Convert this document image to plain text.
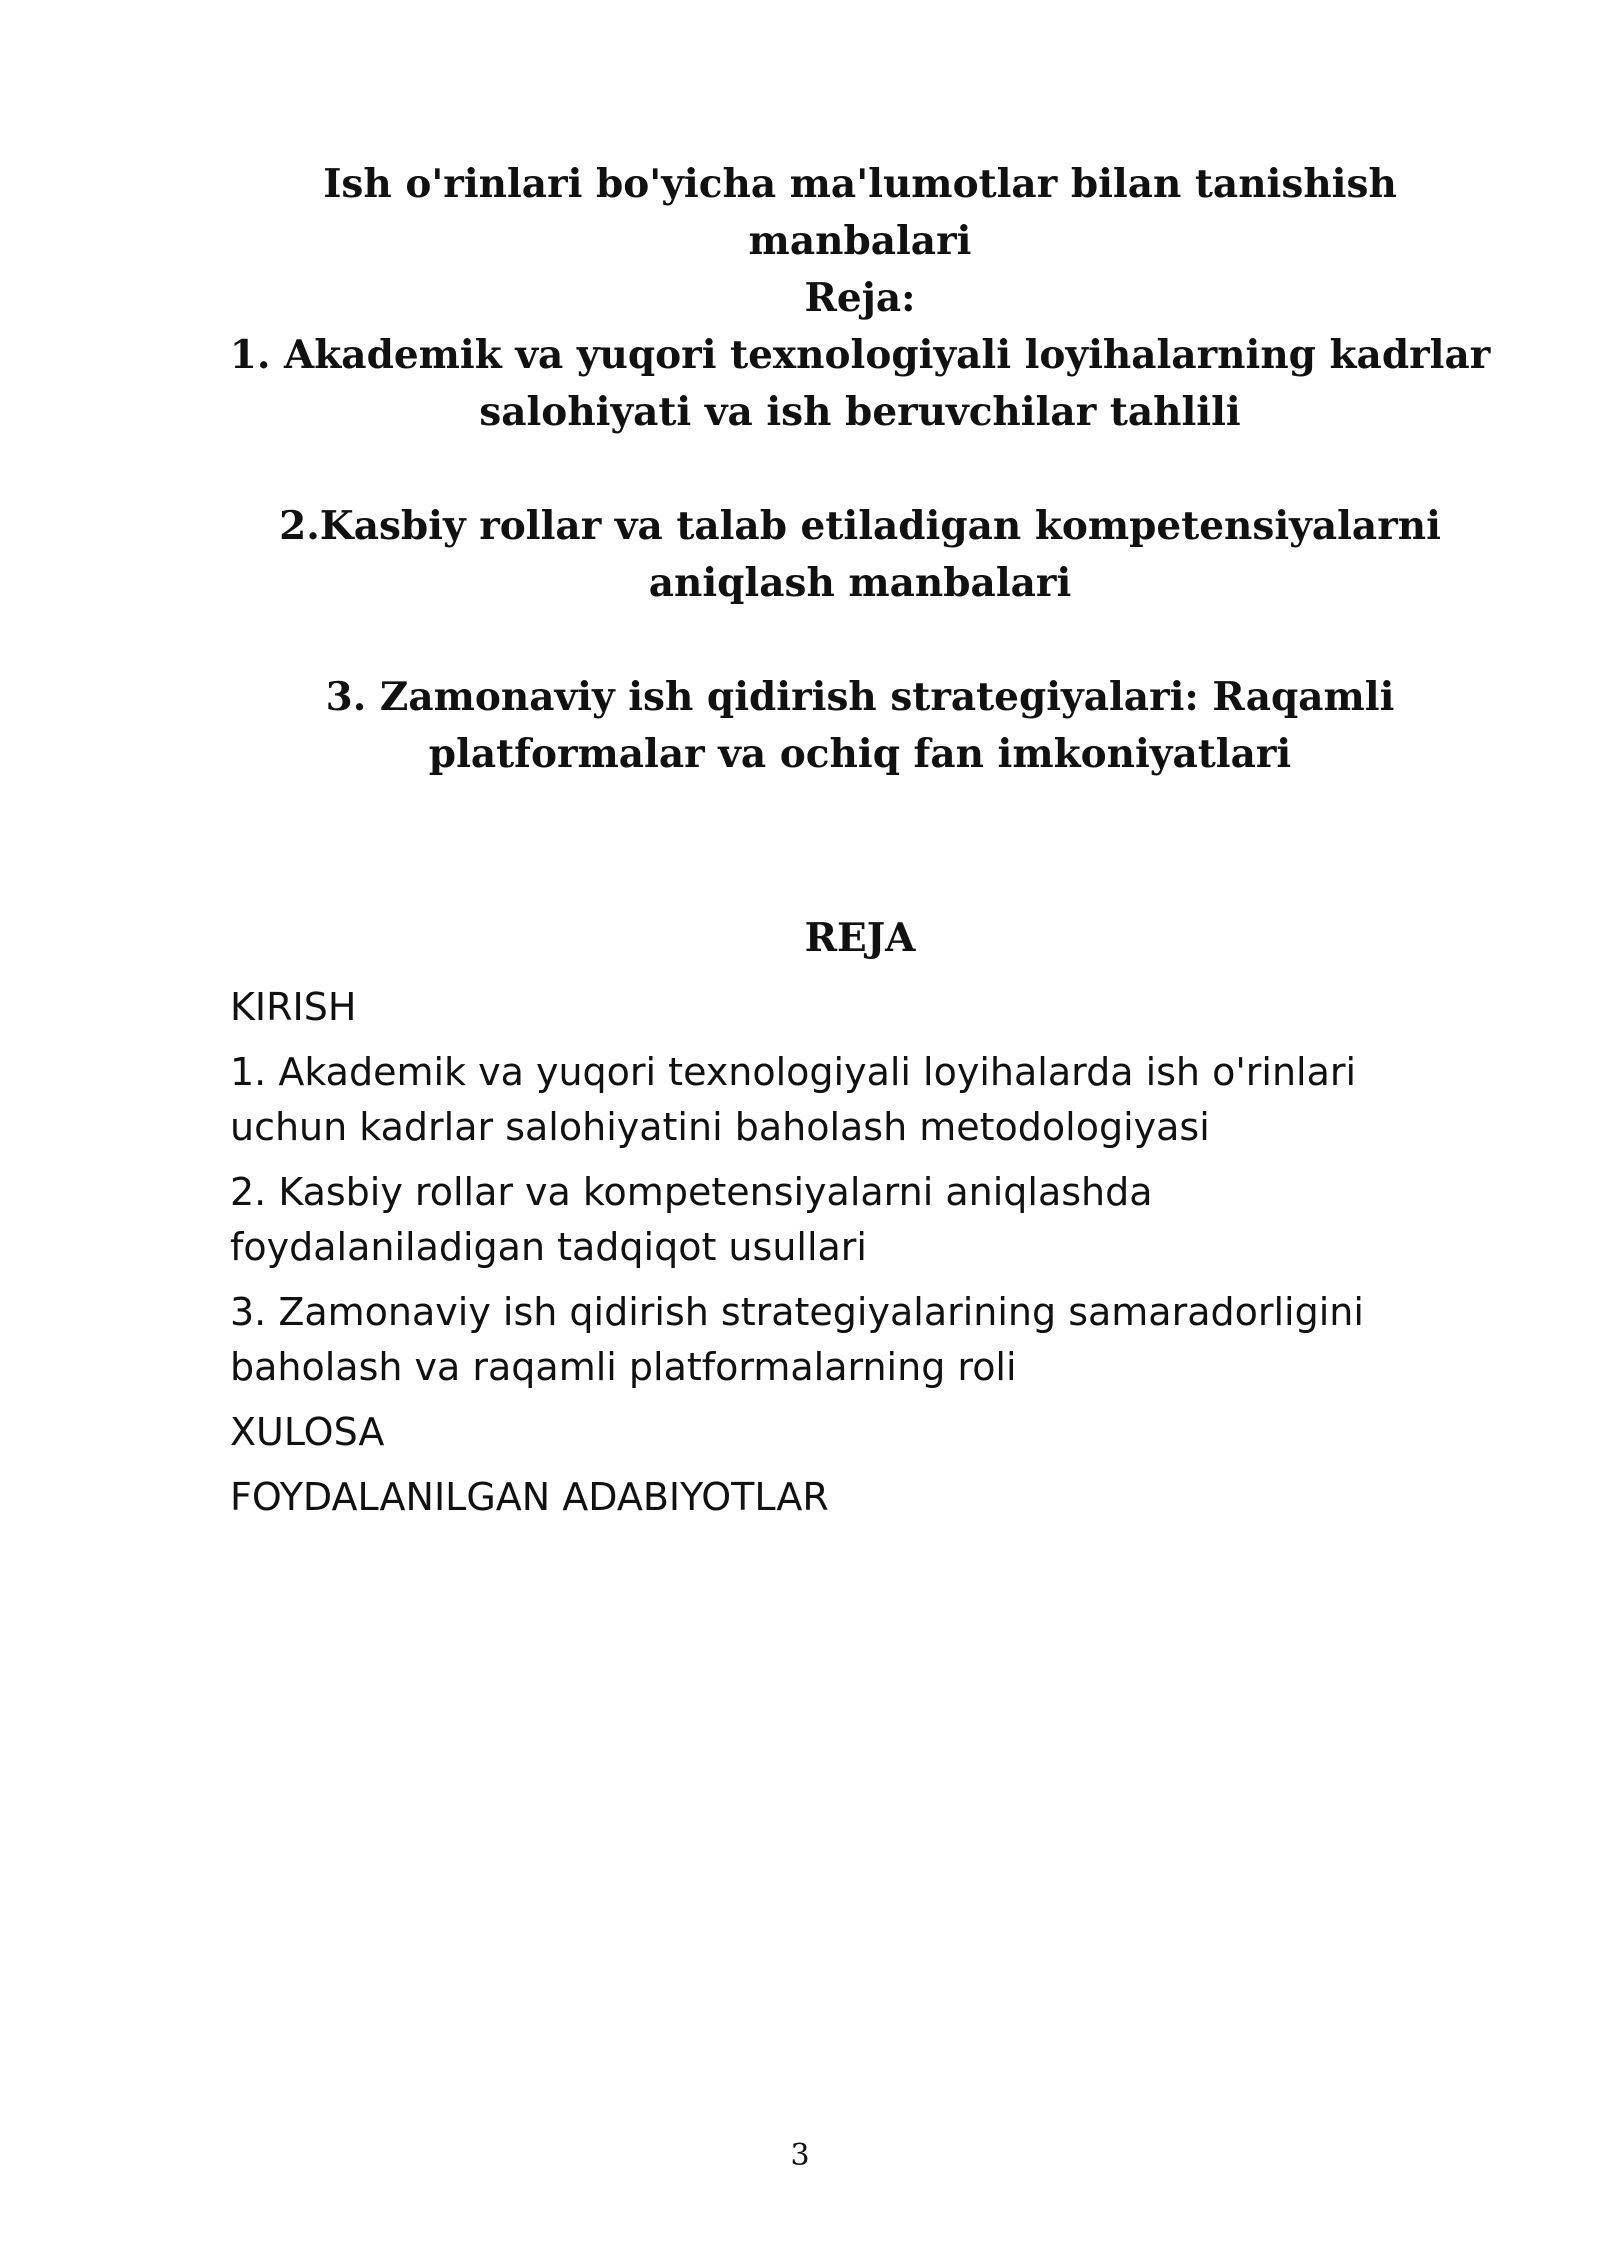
Ish o'rinlari bo'yicha ma'lumotlar bilan tanishish
manbalari
Reja:
1. Akademik va yuqori texnologiyali loyihalarning kadrlar
salohiyati va ish beruvchilar tahlili
2.Kasbiy rollar va talab etiladigan kompetensiyalarni
aniqlash manbalari
3. Zamonaviy ish qidirish strategiyalari: Raqamli
platformalar va ochiq fan imkoniyatlari
REJA
KIRISH
1. Akademik va yuqori texnologiyali loyihalarda ish o'rinlari
uchun kadrlar salohiyatini baholash metodologiyasi
2. Kasbiy rollar va kompetensiyalarni aniqlashda
foydalaniladigan tadqiqot usullari
3. Zamonaviy ish qidirish strategiyalarining samaradorligini
baholash va raqamli platformalarning roli
XULOSA
FOYDALANILGAN ADABIYOTLAR
3
